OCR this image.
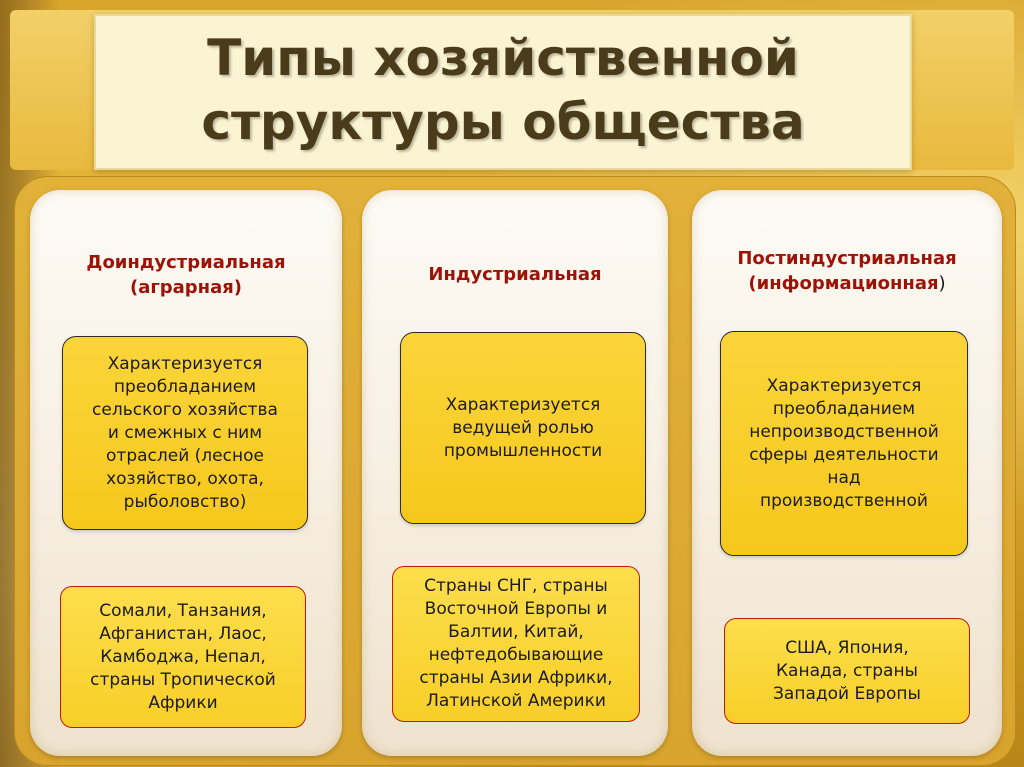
Типы хозяйственной
структуры общества
Доиндустриальная
(аграрная)
Характеризуется
преобладанием
сельского хозяйства
и смежных с ним
отраслей (лесное
хозяйство, охота,
рыболовство)
Сомали, Танзания,
Афганистан, Лаос,
Камбоджа, Непал,
страны Тропической
Африки
Индустриальная
Характеризуется
ведущей ролью
промышленности
Страны СНГ, страны
Восточной Европы и
Балтии, Китай,
нефтедобывающие
страны Азии Африки,
Латинской Америки
Постиндустриальная
(информационная)
Характеризуется
преобладанием
непроизводственной
сферы деятельности
над
производственной
США, Япония,
Канада, страны
Западой Европы
